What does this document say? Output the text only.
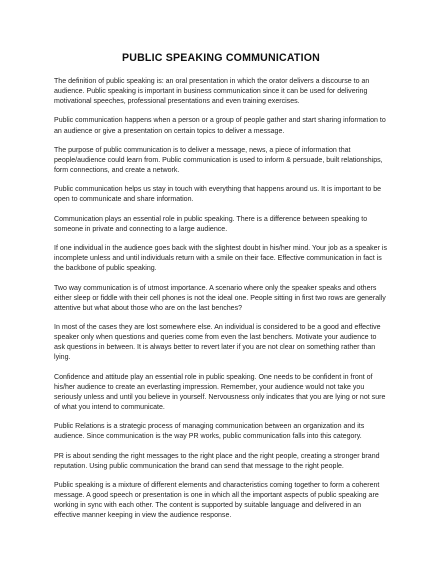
PUBLIC SPEAKING COMMUNICATION

The definition of public speaking is: an oral presentation in which the orator delivers a discourse to an audience. Public speaking is important in business communication since it can be used for delivering motivational speeches, professional presentations and even training exercises.

Public communication happens when a person or a group of people gather and start sharing information to an audience or give a presentation on certain topics to deliver a message.

The purpose of public communication is to deliver a message, news, a piece of information that people/audience could learn from. Public communication is used to inform & persuade, built relationships, form connections, and create a network.

Public communication helps us stay in touch with everything that happens around us. It is important to be open to communicate and share information.

Communication plays an essential role in public speaking. There is a difference between speaking to someone in private and connecting to a large audience.

If one individual in the audience goes back with the slightest doubt in his/her mind. Your job as a speaker is incomplete unless and until individuals return with a smile on their face. Effective communication in fact is the backbone of public speaking.

Two way communication is of utmost importance. A scenario where only the speaker speaks and others either sleep or fiddle with their cell phones is not the ideal one. People sitting in first two rows are generally attentive but what about those who are on the last benches?

In most of the cases they are lost somewhere else. An individual is considered to be a good and effective speaker only when questions and queries come from even the last benchers. Motivate your audience to ask questions in between. It is always better to revert later if you are not clear on something rather than lying.

Confidence and attitude play an essential role in public speaking. One needs to be confident in front of his/her audience to create an everlasting impression. Remember, your audience would not take you seriously unless and until you believe in yourself. Nervousness only indicates that you are lying or not sure of what you intend to communicate.

Public Relations is a strategic process of managing communication between an organization and its audience. Since communication is the way PR works, public communication falls into this category.

PR is about sending the right messages to the right place and the right people, creating a stronger brand reputation. Using public communication the brand can send that message to the right people.

Public speaking is a mixture of different elements and characteristics coming together to form a coherent message. A good speech or presentation is one in which all the important aspects of public speaking are working in sync with each other. The content is supported by suitable language and delivered in an effective manner keeping in view the audience response.
